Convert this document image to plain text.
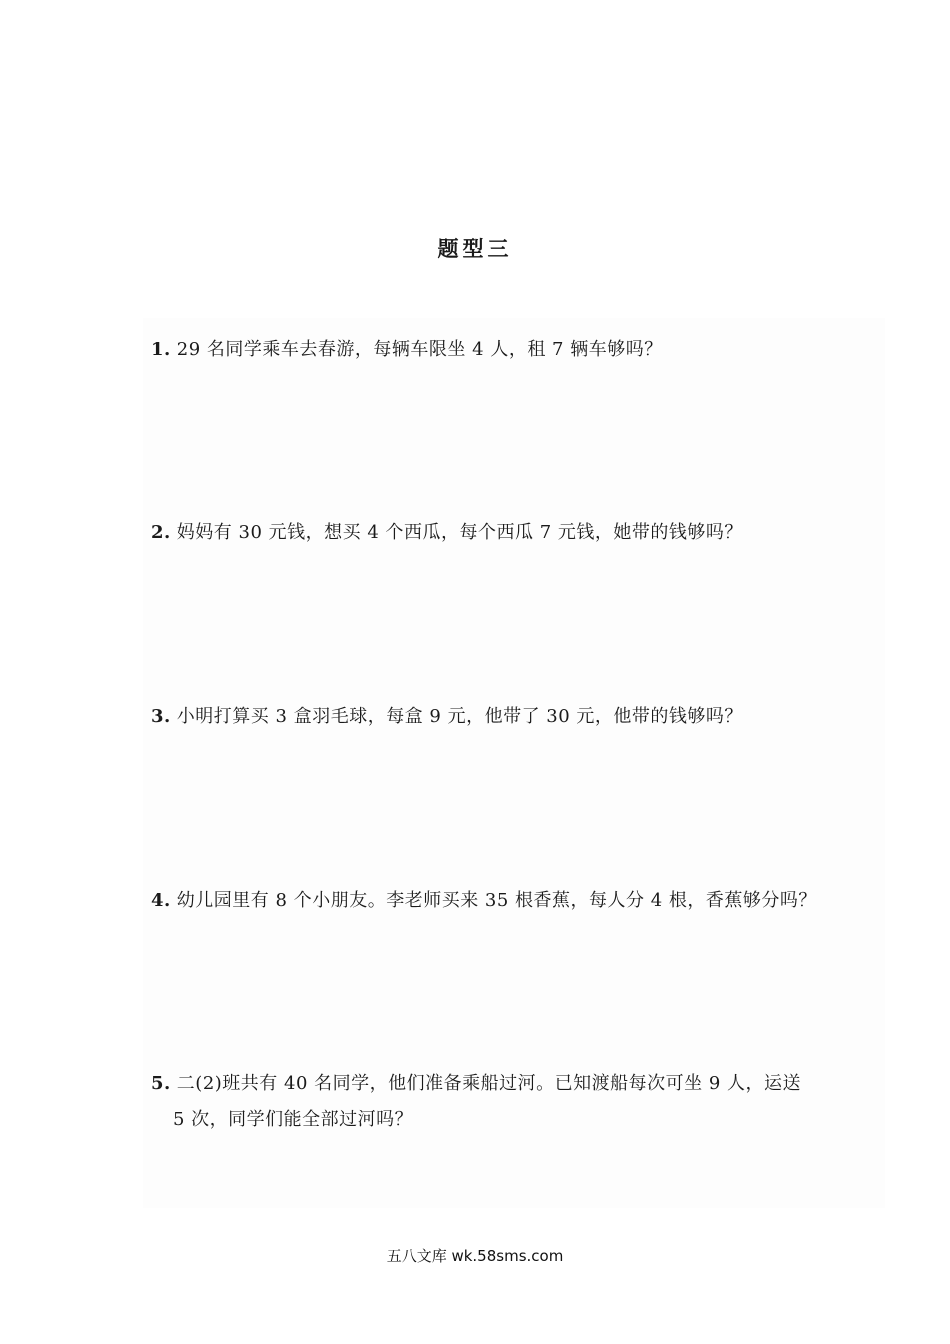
题型三
1. 29 名同学乘车去春游，每辆车限坐 4 人，租 7 辆车够吗？
2. 妈妈有 30 元钱，想买 4 个西瓜，每个西瓜 7 元钱，她带的钱够吗？
3. 小明打算买 3 盒羽毛球，每盒 9 元，他带了 30 元，他带的钱够吗？
4. 幼儿园里有 8 个小朋友。李老师买来 35 根香蕉，每人分 4 根，香蕉够分吗？
5. 二(2)班共有 40 名同学，他们准备乘船过河。已知渡船每次可坐 9 人，运送
5 次，同学们能全部过河吗？
五八文库 wk.58sms.com
